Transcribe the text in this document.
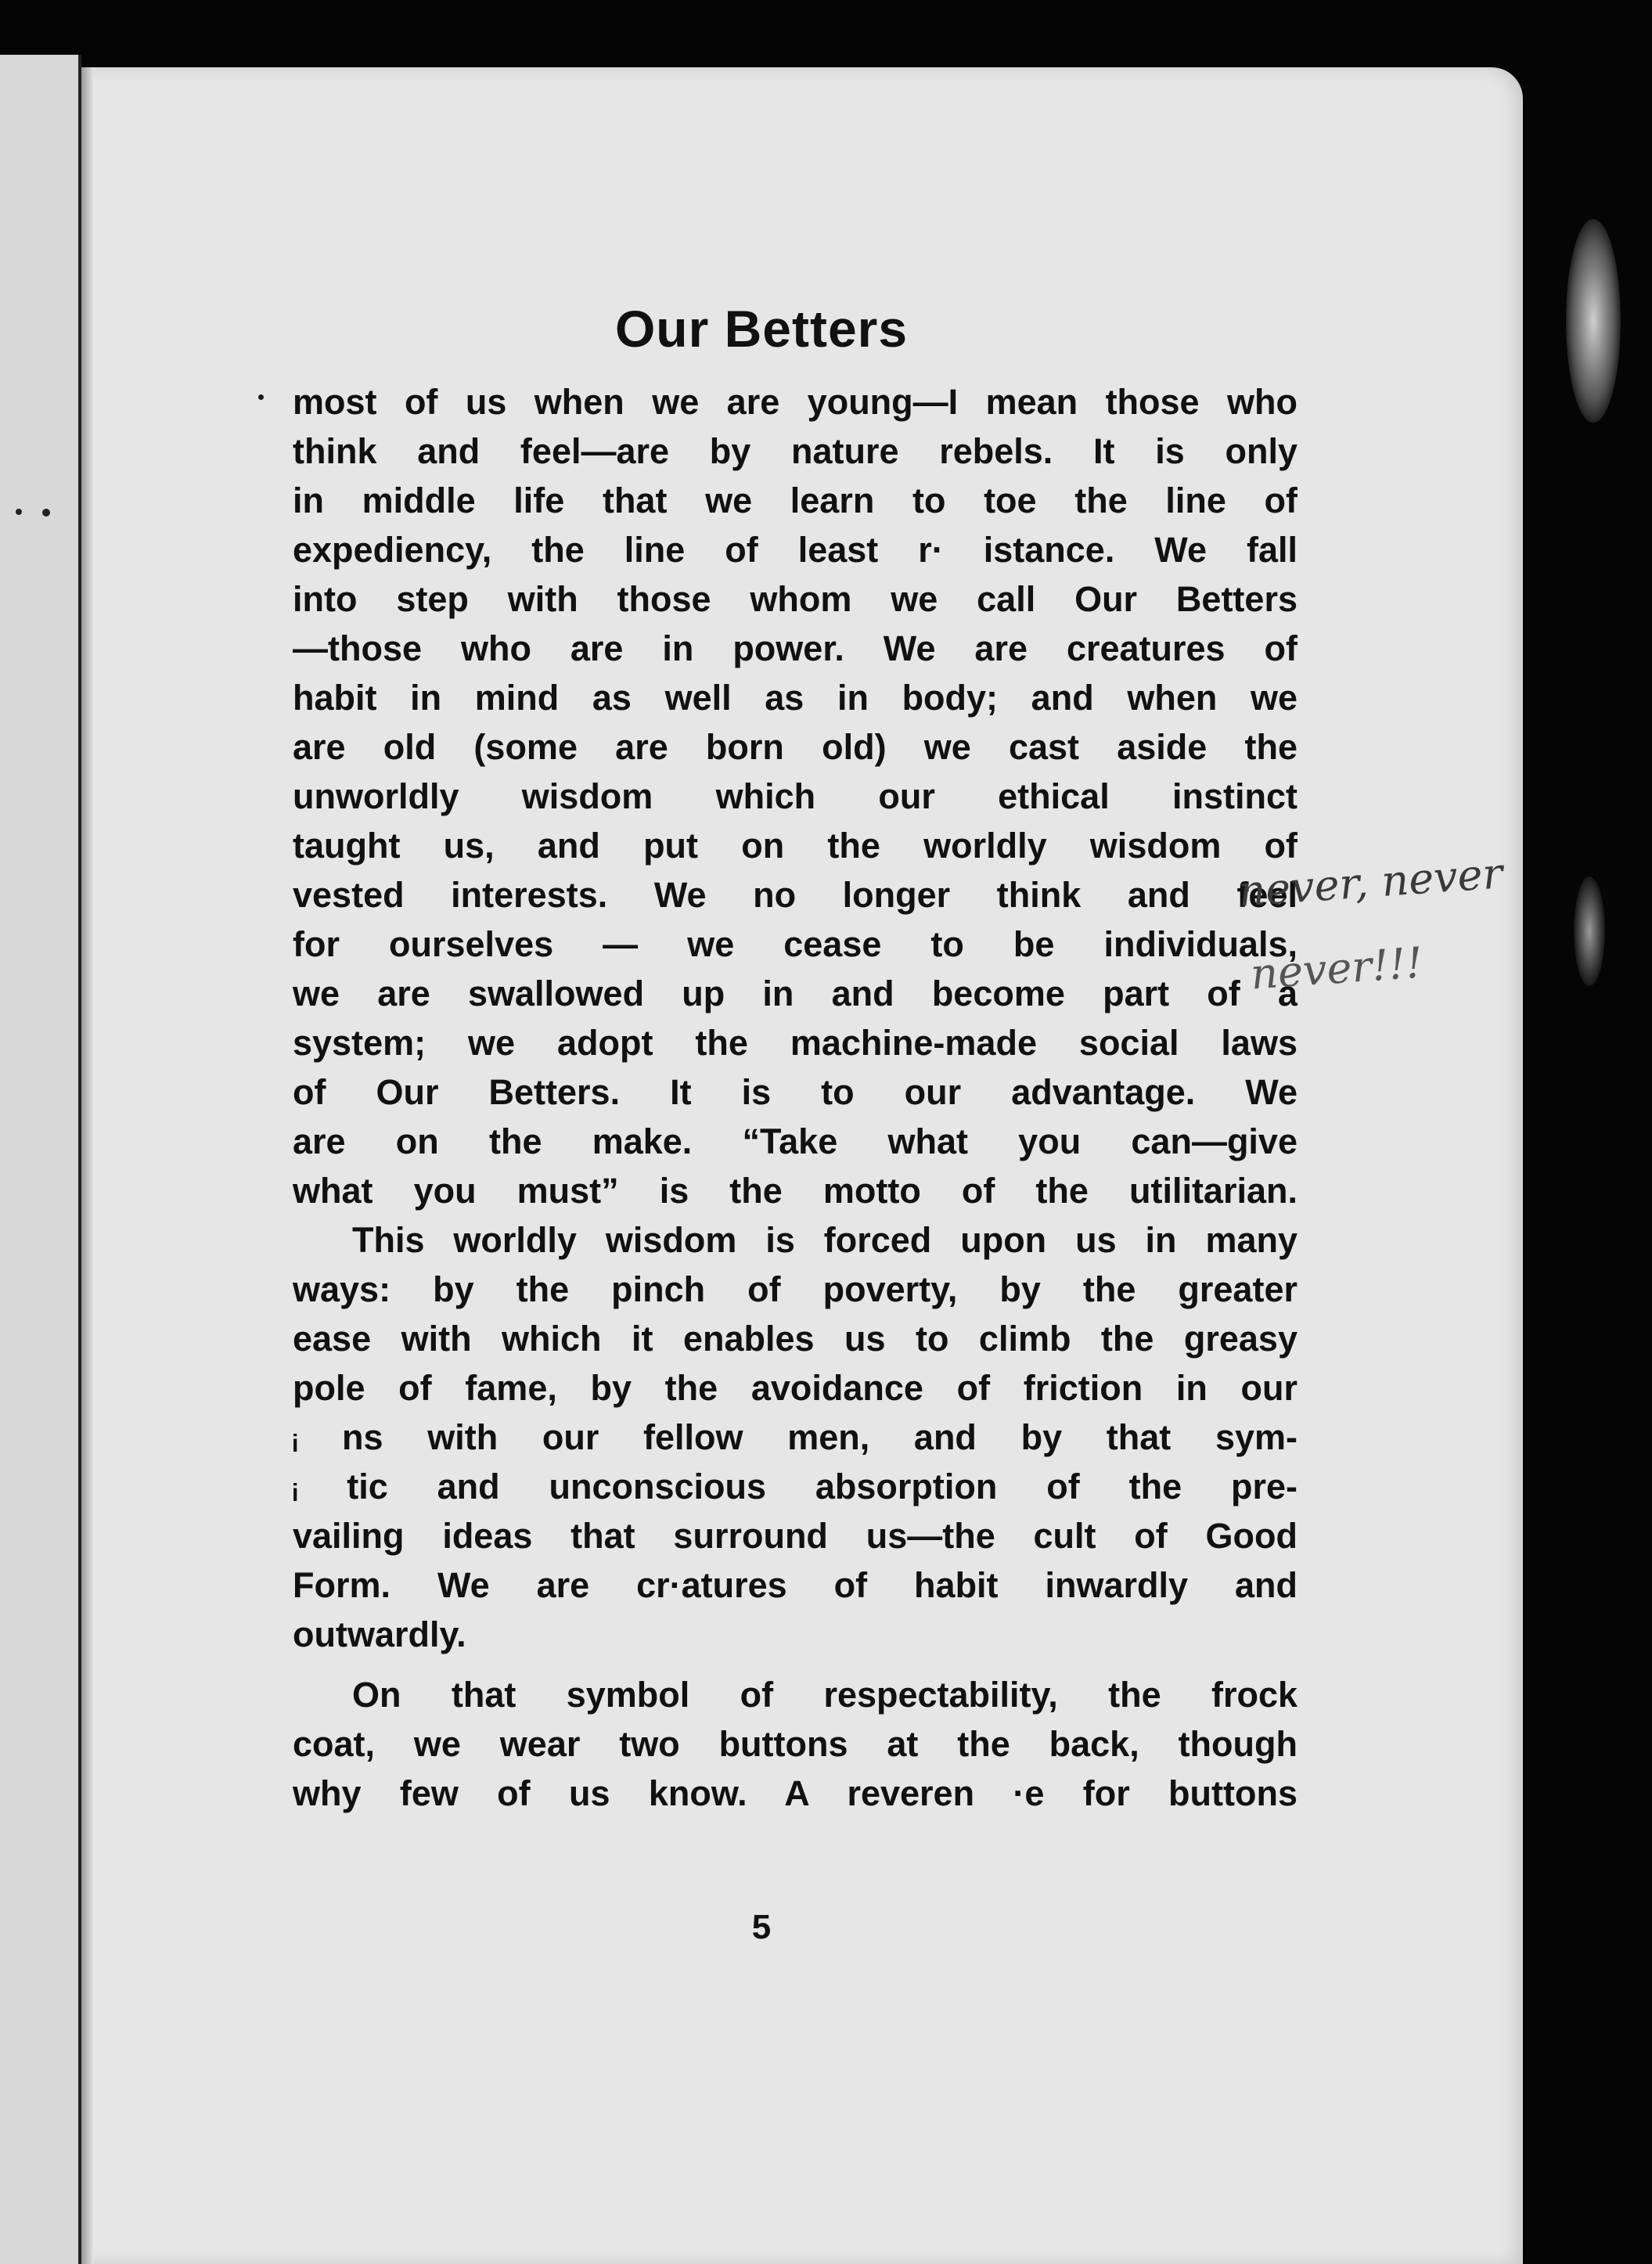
Our Betters
most of us when we are young—I mean those who
think and feel—are by nature rebels. It is only
in middle life that we learn to toe the line of
expediency, the line of least r· istance. We fall
into step with those whom we call Our Betters
—those who are in power. We are creatures of
habit in mind as well as in body; and when we
are old (some are born old) we cast aside the
unworldly wisdom which our ethical instinct
taught us, and put on the worldly wisdom of
vested interests. We no longer think and feel
for ourselves — we cease to be individuals,
we are swallowed up in and become part of a
system; we adopt the machine-made social laws
of Our Betters. It is to our advantage. We
are on the make. “Take what you can—give
what you must” is the motto of the utilitarian.
This worldly wisdom is forced upon us in many
ways: by the pinch of poverty, by the greater
ease with which it enables us to climb the greasy
pole of fame, by the avoidance of friction in our
ᵢ ns with our fellow men, and by that sym-
ᵢ tic and unconscious absorption of the pre-
vailing ideas that surround us—the cult of Good
Form. We are cr·atures of habit inwardly and
outwardly.
On that symbol of respectability, the frock
coat, we wear two buttons at the back, though
why few of us know. A reveren ·e for buttons
never, never
never!!!
5
